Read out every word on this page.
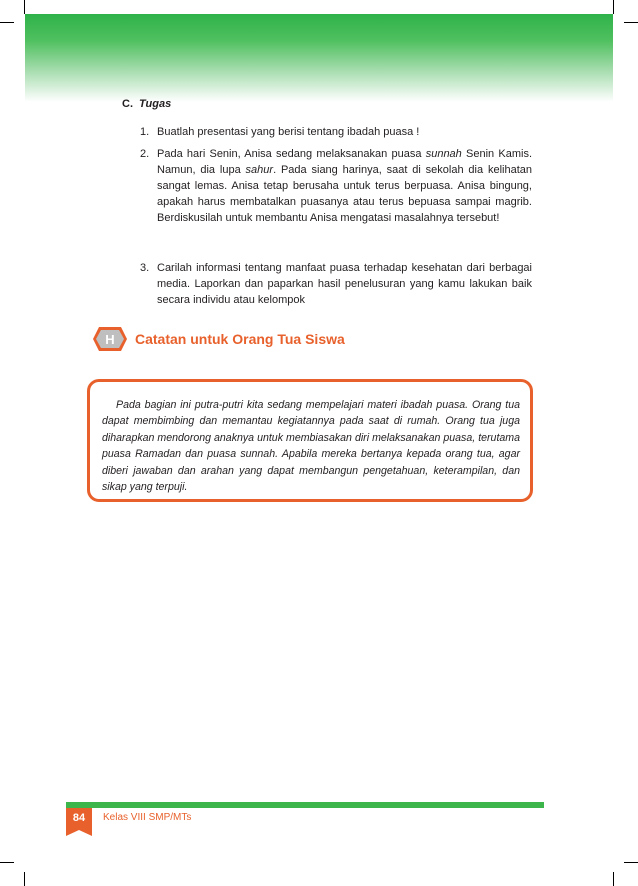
C. Tugas
1. Buatlah presentasi yang berisi tentang ibadah puasa !
2. Pada hari Senin, Anisa sedang melaksanakan puasa sunnah Senin Kamis. Namun, dia lupa sahur. Pada siang harinya, saat di sekolah dia kelihatan sangat lemas. Anisa tetap berusaha untuk terus berpuasa. Anisa bingung, apakah harus membatalkan puasanya atau terus bepuasa sampai magrib. Berdiskusilah untuk membantu Anisa mengatasi masalahnya tersebut!
3. Carilah informasi tentang manfaat puasa terhadap kesehatan dari berbagai media. Laporkan dan paparkan hasil penelusuran yang kamu lakukan baik secara individu atau kelompok
H Catatan untuk Orang Tua Siswa
Pada bagian ini putra-putri kita sedang mempelajari materi ibadah puasa. Orang tua dapat membimbing dan memantau kegiatannya pada saat di rumah. Orang tua juga diharapkan mendorong anaknya untuk membiasakan diri melaksanakan puasa, terutama puasa Ramadan dan puasa sunnah. Apabila mereka bertanya kepada orang tua, agar diberi jawaban dan arahan yang dapat membangun pengetahuan, keterampilan, dan sikap yang terpuji.
84	Kelas VIII SMP/MTs
